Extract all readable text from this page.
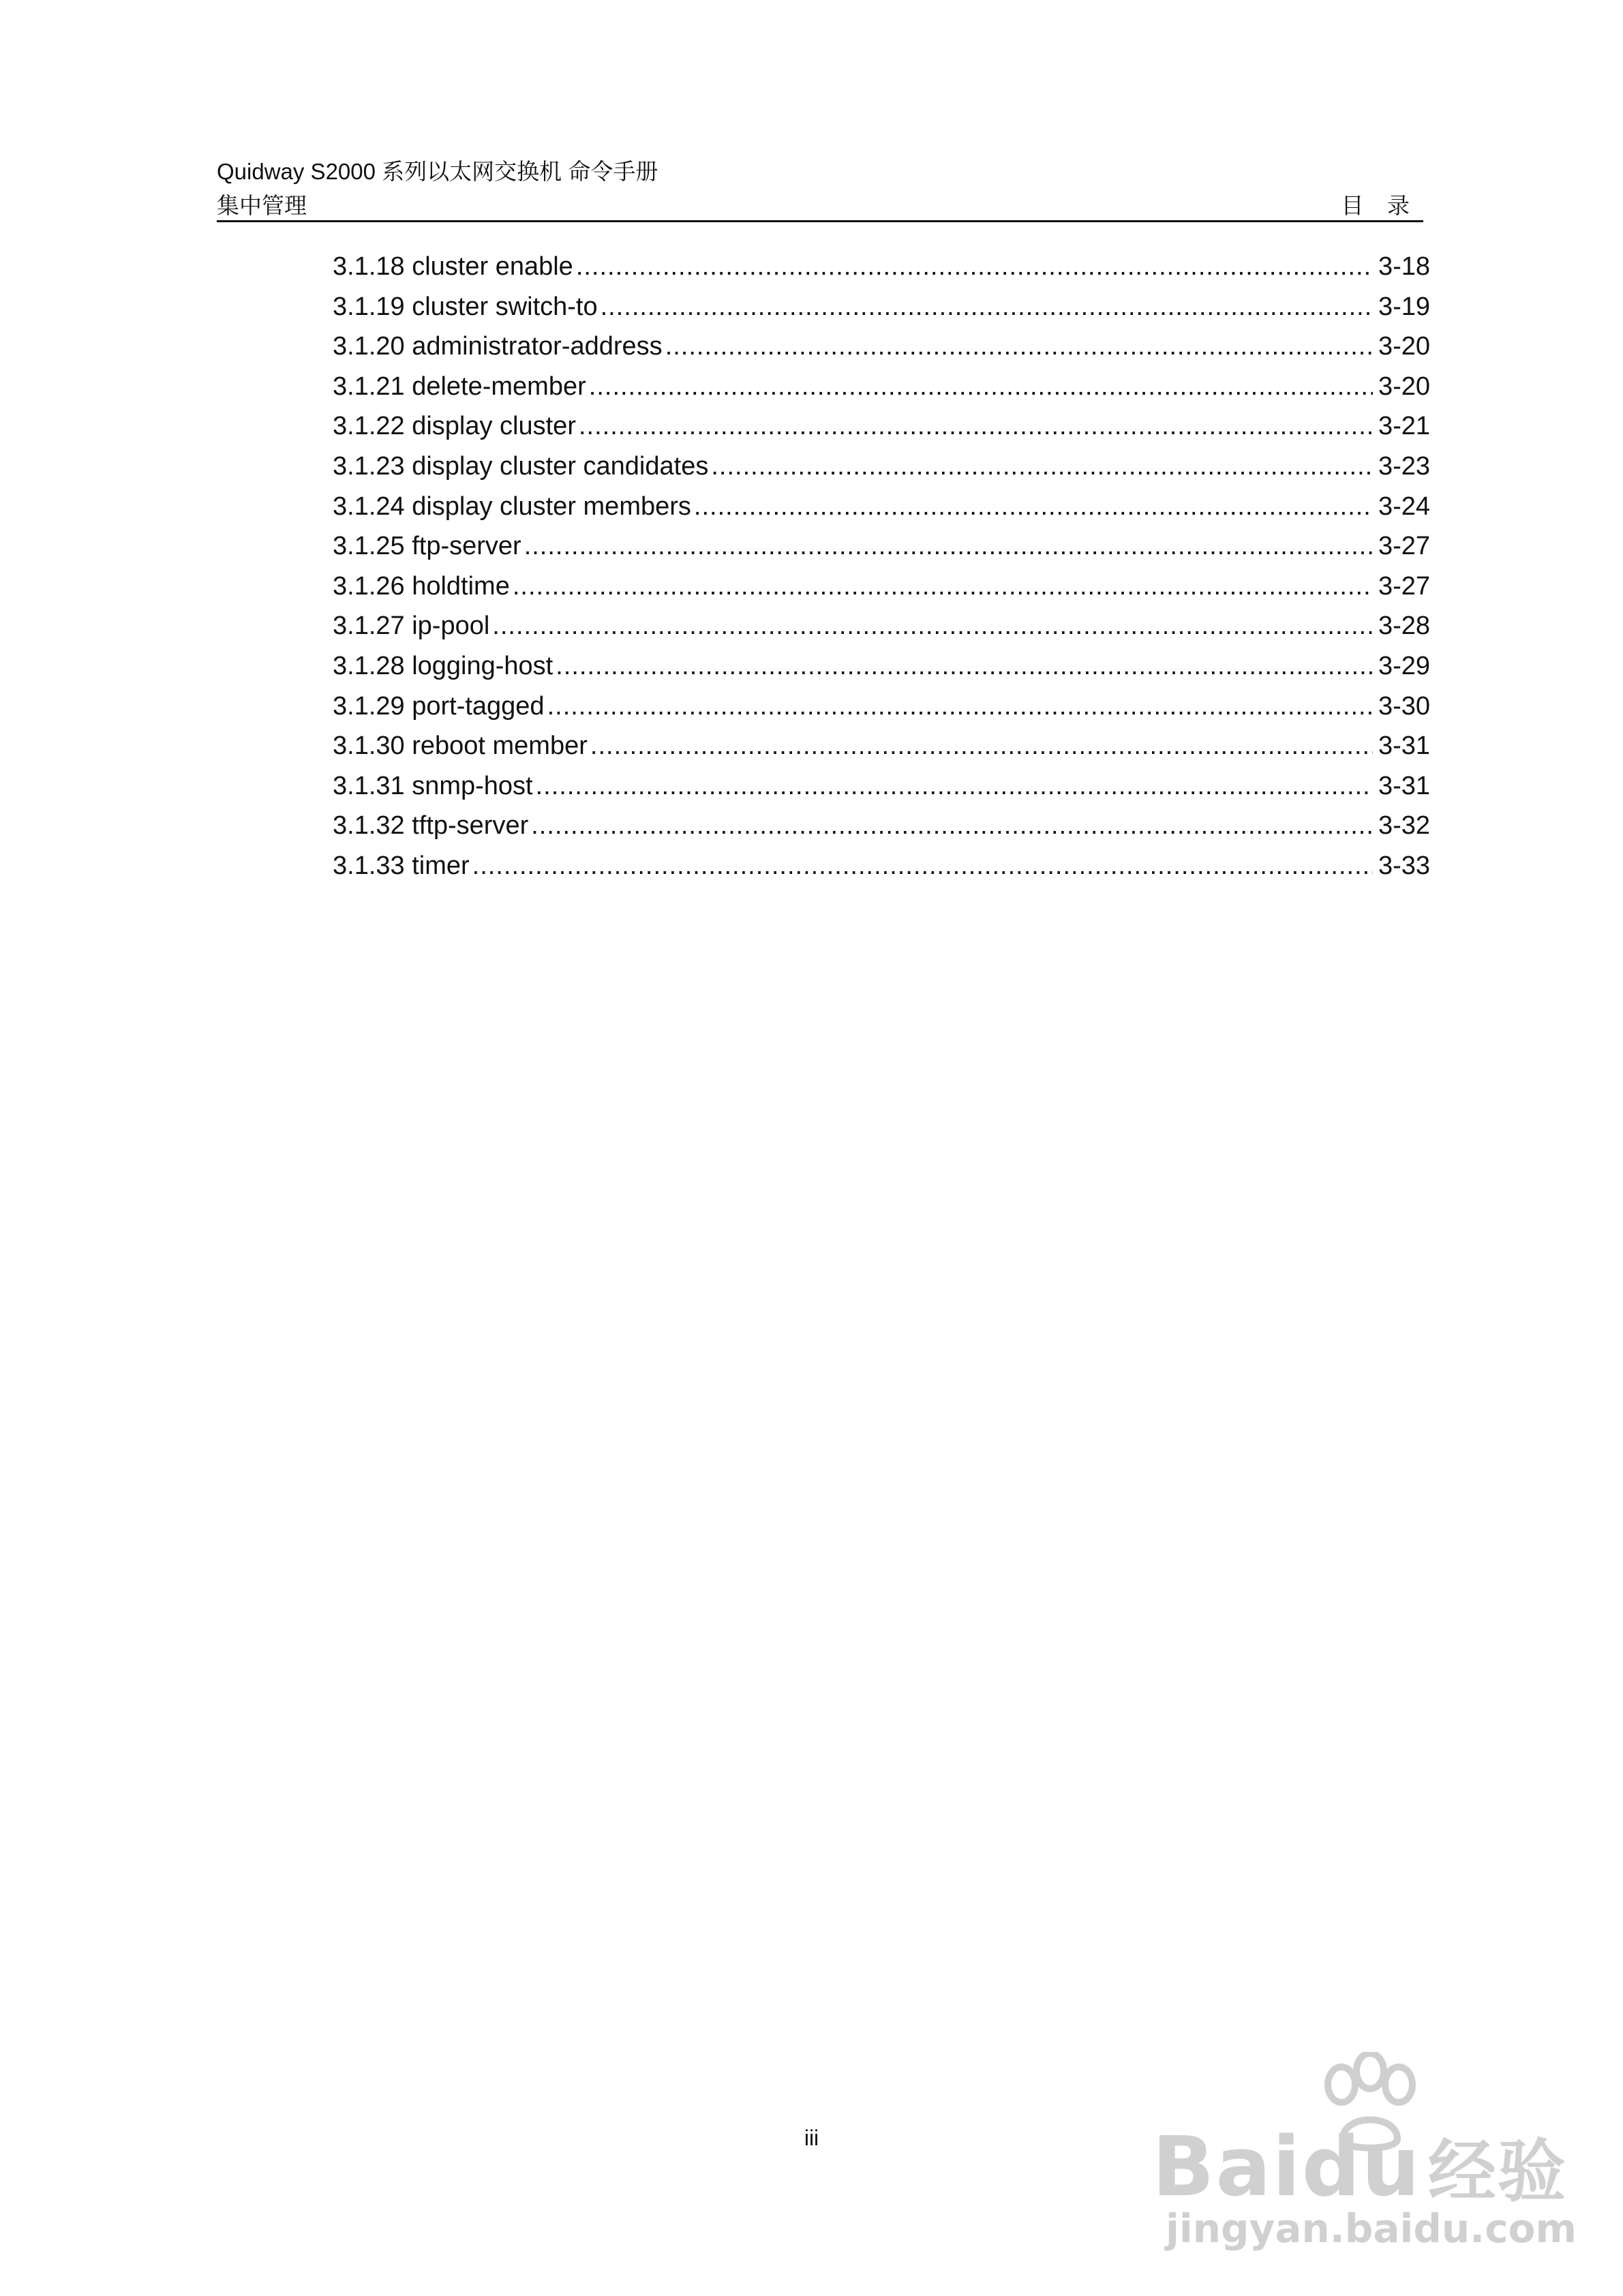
Quidway S2000 系列以太网交换机 命令手册
集中管理	目 录
3.1.18 cluster enable .....	3-18
3.1.19 cluster switch-to .....	3-19
3.1.20 administrator-address .....	3-20
3.1.21 delete-member .....	3-20
3.1.22 display cluster .....	3-21
3.1.23 display cluster candidates .....	3-23
3.1.24 display cluster members .....	3-24
3.1.25 ftp-server .....	3-27
3.1.26 holdtime .....	3-27
3.1.27 ip-pool .....	3-28
3.1.28 logging-host .....	3-29
3.1.29 port-tagged .....	3-30
3.1.30 reboot member .....	3-31
3.1.31 snmp-host .....	3-31
3.1.32 tftp-server .....	3-32
3.1.33 timer .....	3-33
iii	Baidu 经验
jingyan.baidu.com
